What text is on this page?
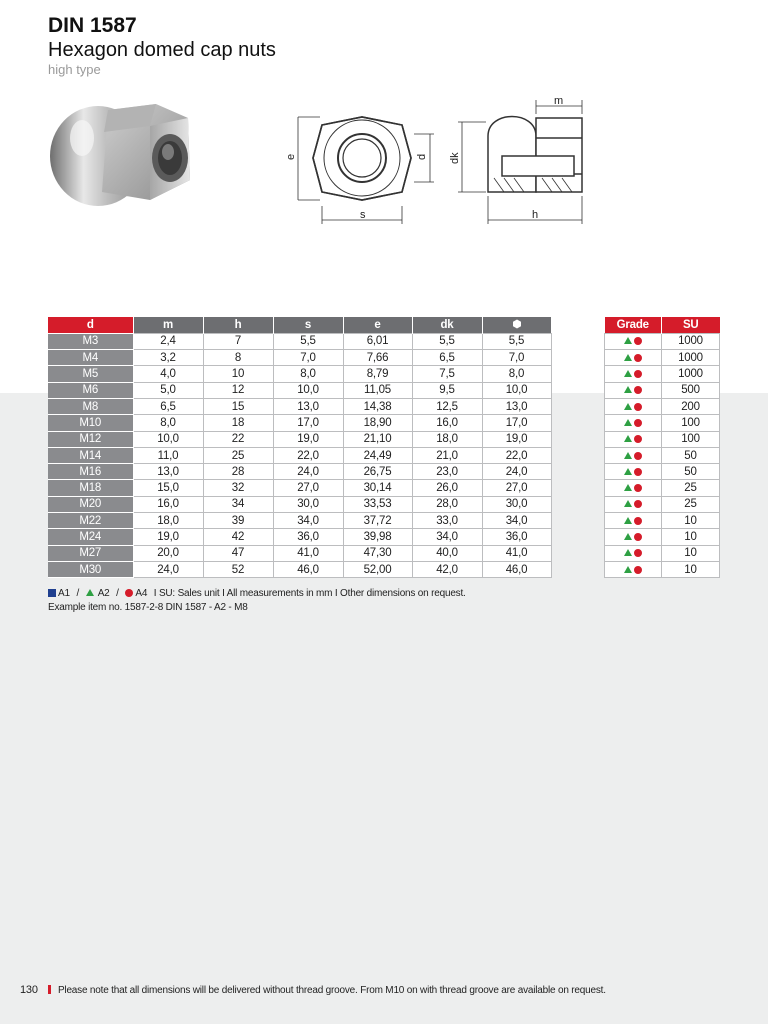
DIN 1587
Hexagon domed cap nuts
high type
e	d
s
dk
m
h
d	m	h	s	e	dk	
M3	2,4	7	5,5	6,01	5,5	5,5
M4	3,2	8	7,0	7,66	6,5	7,0
M5	4,0	10	8,0	8,79	7,5	8,0
M6	5,0	12	10,0	11,05	9,5	10,0
M8	6,5	15	13,0	14,38	12,5	13,0
M10	8,0	18	17,0	18,90	16,0	17,0
M12	10,0	22	19,0	21,10	18,0	19,0
M14	11,0	25	22,0	24,49	21,0	22,0
M16	13,0	28	24,0	26,75	23,0	24,0
M18	15,0	32	27,0	30,14	26,0	27,0
M20	16,0	34	30,0	33,53	28,0	30,0
M22	18,0	39	34,0	37,72	33,0	34,0
M24	19,0	42	36,0	39,98	34,0	36,0
M27	20,0	47	41,0	47,30	40,0	41,0
M30	24,0	52	46,0	52,00	42,0	46,0
Grade	SU
	1000
	1000
	1000
	500
	200
	100
	100
	50
	50
	25
	25
	10
	10
	10
	10
A1 / A2 / A4 I SU: Sales unit I All measurements in mm I Other dimensions on request.
Example item no. 1587-2-8 DIN 1587 - A2 - M8
130 Please note that all dimensions will be delivered without thread groove. From M10 on with thread groove are available on request.
